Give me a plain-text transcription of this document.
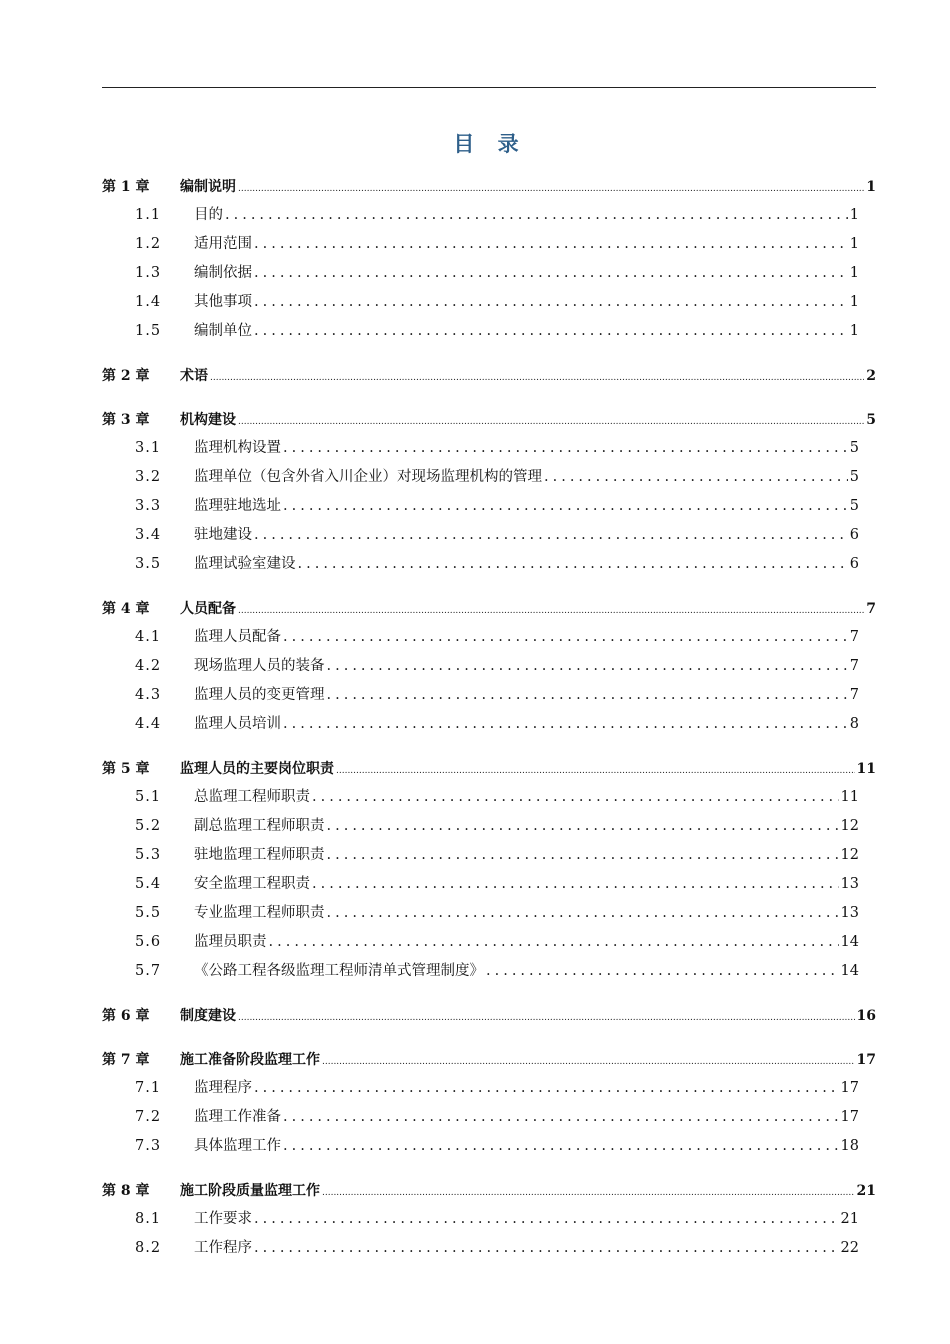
目 录
第 1 章	编制说明 .....	1
1.1	目的 .....	1
1.2	适用范围 .....	1
1.3	编制依据 .....	1
1.4	其他事项 .....	1
1.5	编制单位 .....	1
第 2 章	术语 .....	2
第 3 章	机构建设 .....	5
3.1	监理机构设置 .....	5
3.2	监理单位（包含外省入川企业）对现场监理机构的管理 .....	5
3.3	监理驻地选址 .....	5
3.4	驻地建设 .....	6
3.5	监理试验室建设 .....	6
第 4 章	人员配备 .....	7
4.1	监理人员配备 .....	7
4.2	现场监理人员的装备 .....	7
4.3	监理人员的变更管理 .....	7
4.4	监理人员培训 .....	8
第 5 章	监理人员的主要岗位职责 .....	11
5.1	总监理工程师职责 .....	11
5.2	副总监理工程师职责 .....	12
5.3	驻地监理工程师职责 .....	12
5.4	安全监理工程职责 .....	13
5.5	专业监理工程师职责 .....	13
5.6	监理员职责 .....	14
5.7	《公路工程各级监理工程师清单式管理制度》 .....	14
第 6 章	制度建设 .....	16
第 7 章	施工准备阶段监理工作 .....	17
7.1	监理程序 .....	17
7.2	监理工作准备 .....	17
7.3	具体监理工作 .....	18
第 8 章	施工阶段质量监理工作 .....	21
8.1	工作要求 .....	21
8.2	工作程序 .....	22
